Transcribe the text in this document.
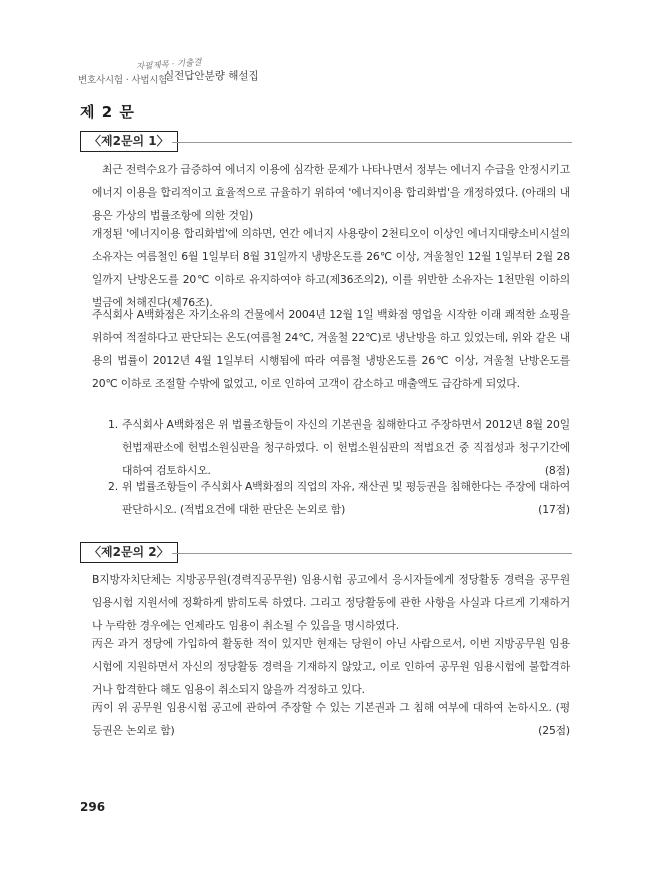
변호사시험 · 사법시험
자필제목 · 기출결
실전답안분량 해설집
제 2 문
〈제2문의 1〉
최근 전력수요가 급증하여 에너지 이용에 심각한 문제가 나타나면서 정부는 에너지 수급을 안정시키고 에너지 이용을 합리적이고 효율적으로 규율하기 위하여 '에너지이용 합리화법'을 개정하였다. (아래의 내용은 가상의 법률조항에 의한 것임)
개정된 '에너지이용 합리화법'에 의하면, 연간 에너지 사용량이 2천티오이 이상인 에너지대량소비시설의 소유자는 여름철인 6월 1일부터 8월 31일까지 냉방온도를 26℃ 이상, 겨울철인 12월 1일부터 2월 28일까지 난방온도를 20℃ 이하로 유지하여야 하고(제36조의2), 이를 위반한 소유자는 1천만원 이하의 벌금에 처해진다(제76조).
주식회사 A백화점은 자기소유의 건물에서 2004년 12월 1일 백화점 영업을 시작한 이래 쾌적한 쇼핑을 위하여 적절하다고 판단되는 온도(여름철 24℃, 겨울철 22℃)로 냉난방을 하고 있었는데, 위와 같은 내용의 법률이 2012년 4월 1일부터 시행됨에 따라 여름철 냉방온도를 26℃ 이상, 겨울철 난방온도를 20℃ 이하로 조절할 수밖에 없었고, 이로 인하여 고객이 감소하고 매출액도 급감하게 되었다.
1. 주식회사 A백화점은 위 법률조항들이 자신의 기본권을 침해한다고 주장하면서 2012년 8월 20일 헌법재판소에 헌법소원심판을 청구하였다. 이 헌법소원심판의 적법요건 중 직접성과 청구기간에 대하여 검토하시오.	(8점)
2. 위 법률조항들이 주식회사 A백화점의 직업의 자유, 재산권 및 평등권을 침해한다는 주장에 대하여 판단하시오. (적법요건에 대한 판단은 논외로 함)	(17점)
〈제2문의 2〉
B지방자치단체는 지방공무원(경력직공무원) 임용시험 공고에서 응시자들에게 정당활동 경력을 공무원 임용시험 지원서에 정확하게 밝히도록 하였다. 그리고 정당활동에 관한 사항을 사실과 다르게 기재하거나 누락한 경우에는 언제라도 임용이 취소될 수 있음을 명시하였다.
丙은 과거 정당에 가입하여 활동한 적이 있지만 현재는 당원이 아닌 사람으로서, 이번 지방공무원 임용시험에 지원하면서 자신의 정당활동 경력을 기재하지 않았고, 이로 인하여 공무원 임용시험에 불합격하거나 합격한다 해도 임용이 취소되지 않을까 걱정하고 있다.
丙이 위 공무원 임용시험 공고에 관하여 주장할 수 있는 기본권과 그 침해 여부에 대하여 논하시오. (평등권은 논외로 함)	(25점)
296
